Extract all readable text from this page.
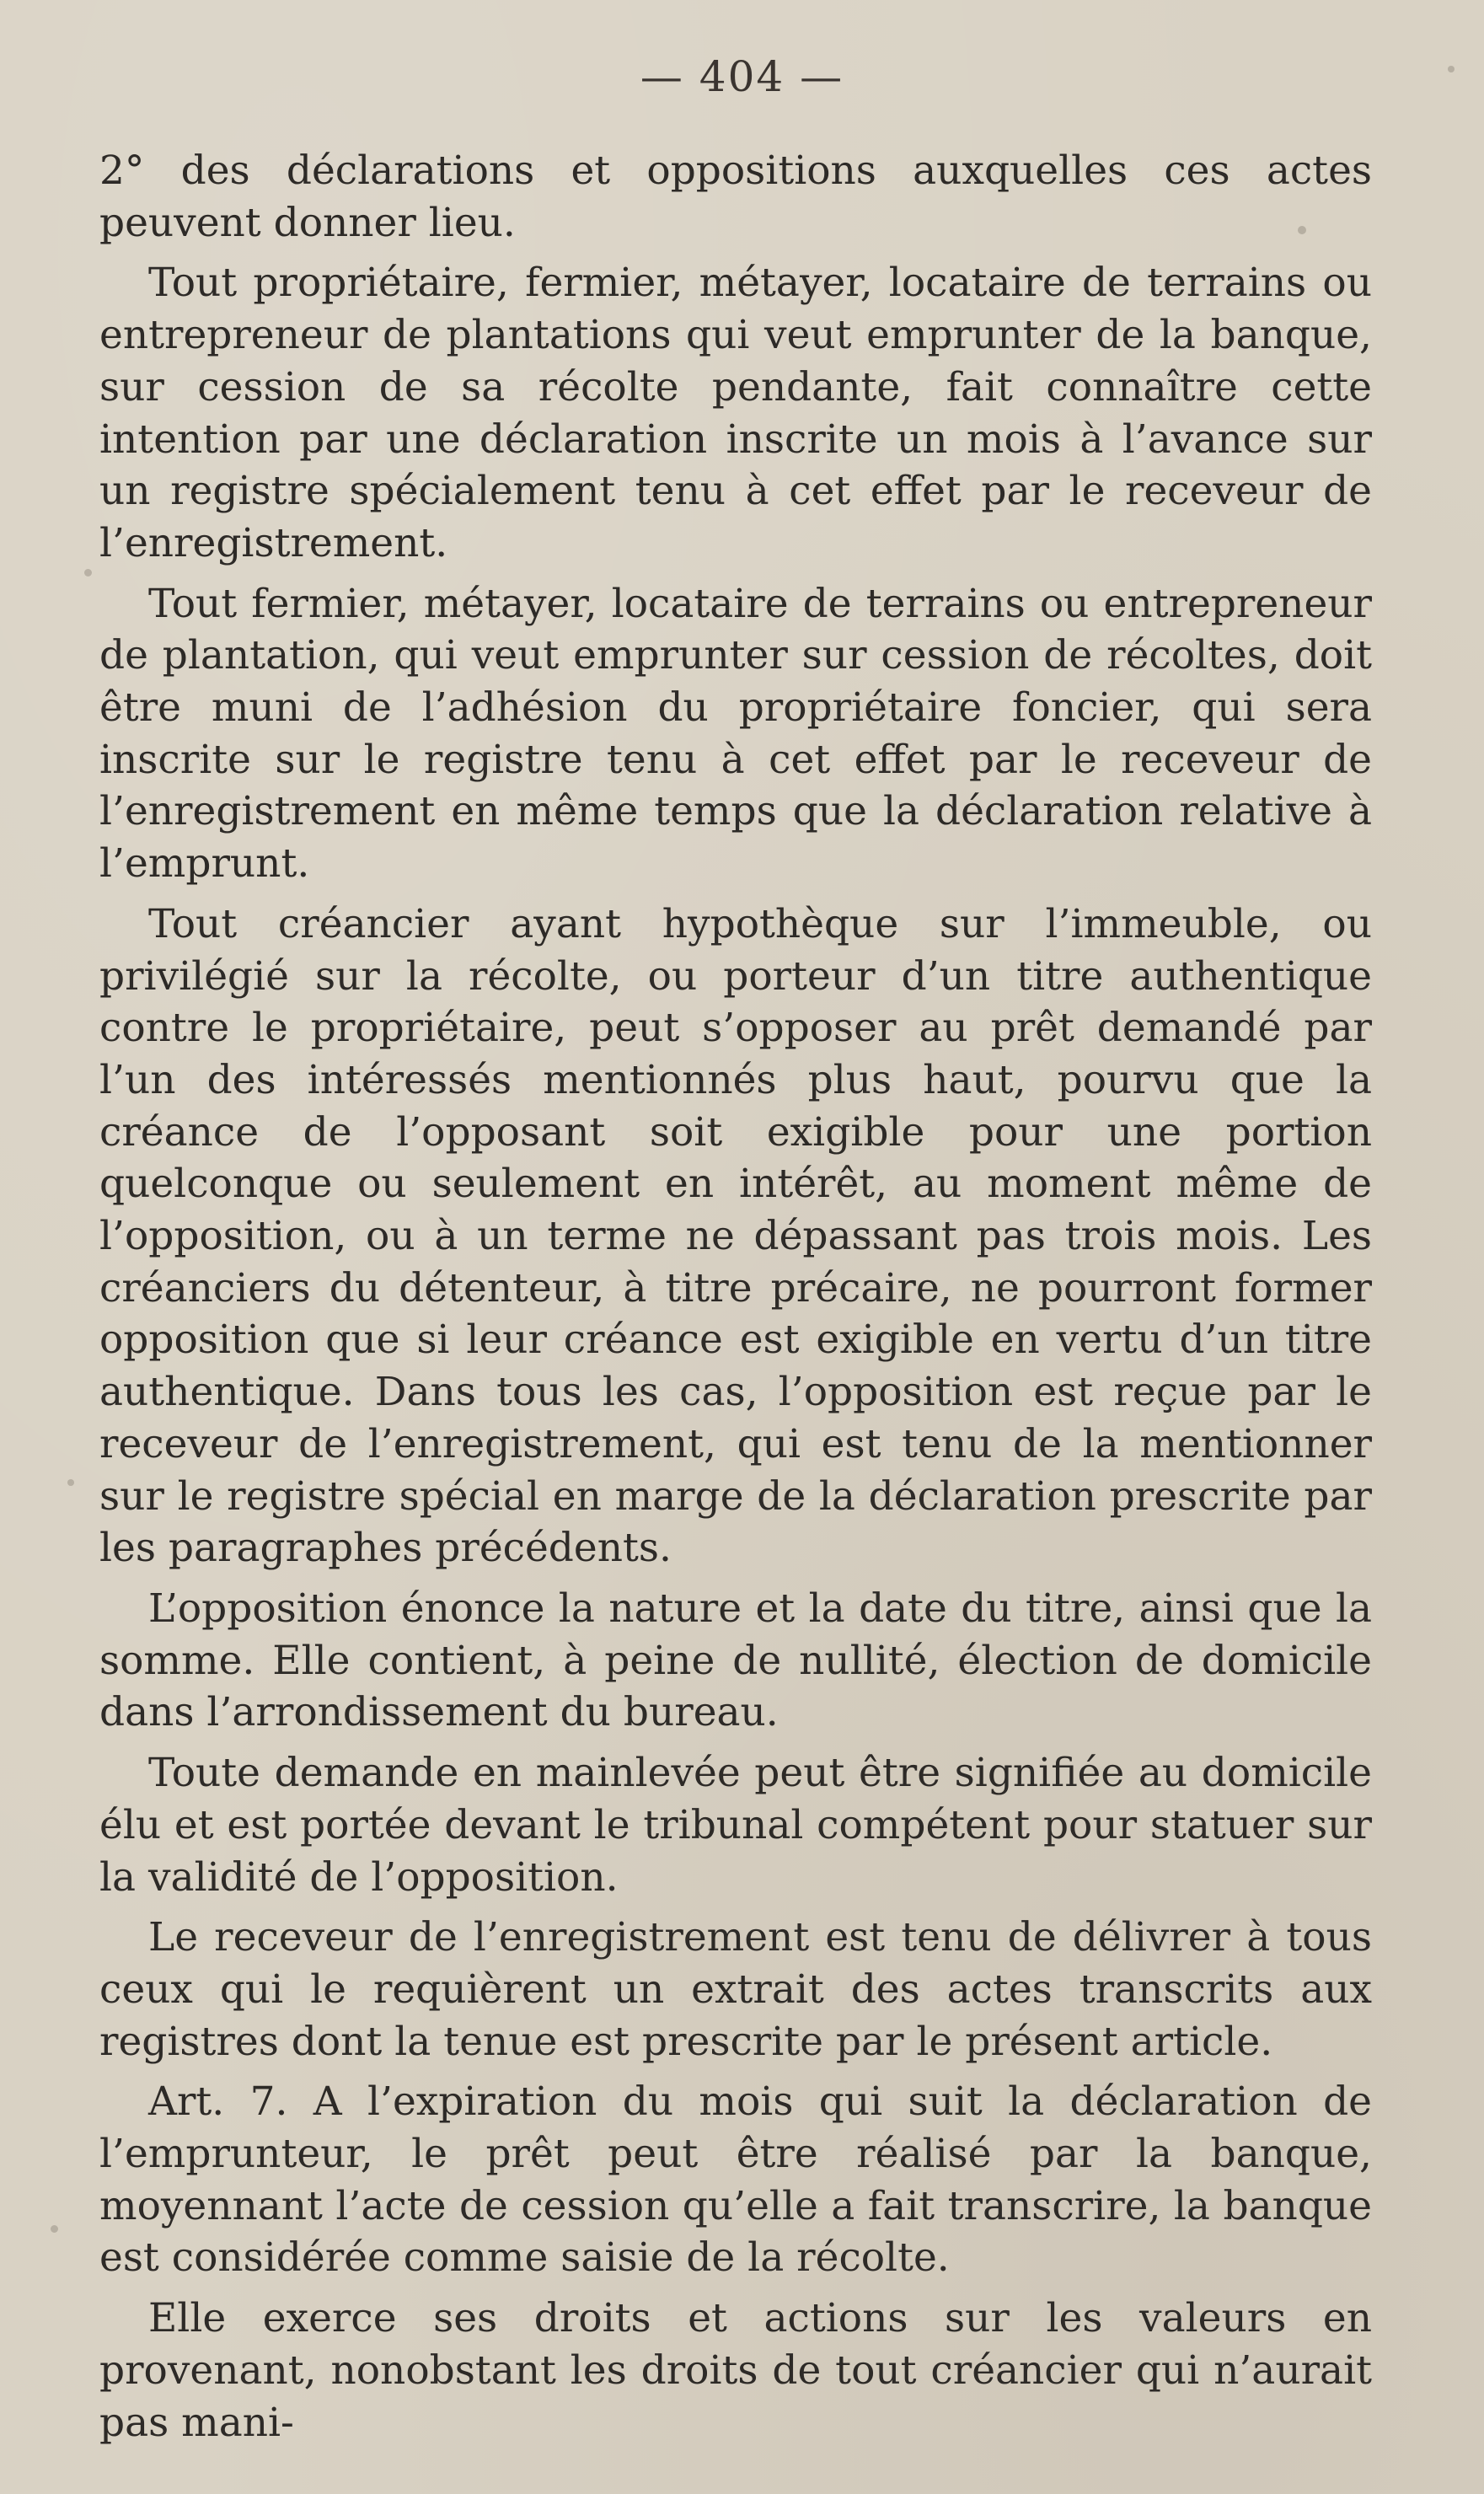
— 404 —

2° des déclarations et oppositions auxquelles ces actes peuvent donner lieu.

Tout propriétaire, fermier, métayer, locataire de terrains ou entrepreneur de plantations qui veut emprunter de la banque, sur cession de sa récolte pendante, fait connaître cette intention par une déclaration inscrite un mois à l’avance sur un registre spécialement tenu à cet effet par le receveur de l’enregistrement.

Tout fermier, métayer, locataire de terrains ou entrepreneur de plantation, qui veut emprunter sur cession de récoltes, doit être muni de l’adhésion du propriétaire foncier, qui sera inscrite sur le registre tenu à cet effet par le receveur de l’enregistrement en même temps que la déclaration relative à l’emprunt.

Tout créancier ayant hypothèque sur l’immeuble, ou privilégié sur la récolte, ou porteur d’un titre authentique contre le propriétaire, peut s’opposer au prêt demandé par l’un des intéressés mentionnés plus haut, pourvu que la créance de l’opposant soit exigible pour une portion quelconque ou seulement en intérêt, au moment même de l’opposition, ou à un terme ne dépassant pas trois mois. Les créanciers du détenteur, à titre précaire, ne pourront former opposition que si leur créance est exigible en vertu d’un titre authentique. Dans tous les cas, l’opposition est reçue par le receveur de l’enregistrement, qui est tenu de la mentionner sur le registre spécial en marge de la déclaration prescrite par les paragraphes précédents.

L’opposition énonce la nature et la date du titre, ainsi que la somme. Elle contient, à peine de nullité, élection de domicile dans l’arrondissement du bureau.

Toute demande en mainlevée peut être signifiée au domicile élu et est portée devant le tribunal compétent pour statuer sur la validité de l’opposition.

Le receveur de l’enregistrement est tenu de délivrer à tous ceux qui le requièrent un extrait des actes transcrits aux registres dont la tenue est prescrite par le présent article.

Art. 7. A l’expiration du mois qui suit la déclaration de l’emprunteur, le prêt peut être réalisé par la banque, moyennant l’acte de cession qu’elle a fait transcrire, la banque est considérée comme saisie de la récolte.

Elle exerce ses droits et actions sur les valeurs en provenant, nonobstant les droits de tout créancier qui n’aurait pas mani-
